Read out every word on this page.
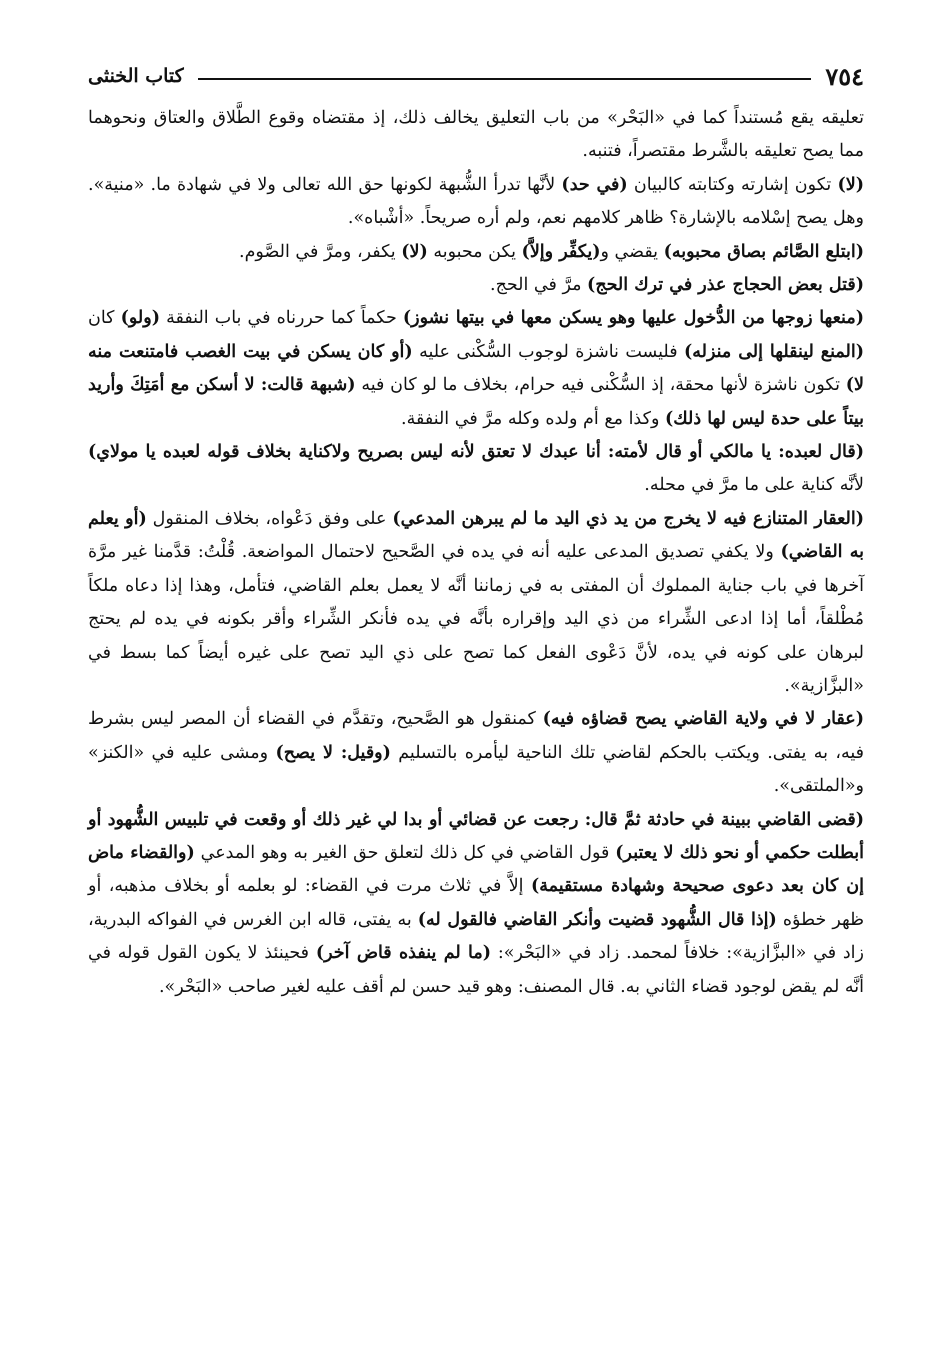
٧٥٤
كتاب الخنثى

تعليقه يقع مُستنداً كما في «البَحْر» من باب التعليق يخالف ذلك، إذ مقتضاه وقوع الطَّلاق والعتاق ونحوهما مما يصح تعليقه بالشَّرط مقتصراً، فتنبه.

(لا) تكون إشارته وكتابته كالبيان (في حد) لأنَّها تدرأ الشُّبهة لكونها حق الله تعالى ولا في شهادة ما. «منية». وهل يصح إسْلامه بالإشارة؟ ظاهر كلامهم نعم، ولم أره صريحاً. «أشْباه».

(ابتلع الصَّائم بصاق محبوبه) يقضي و(يكفِّر وإلاَّ) يكن محبوبه (لا) يكفر، ومرَّ في الصَّوم.

(قتل بعض الحجاج عذر في ترك الحج) مرَّ في الحج.

(منعها زوجها من الدُّخول عليها وهو يسكن معها في بيتها نشوز) حكماً كما حررناه في باب النفقة (ولو) كان (المنع لينقلها إلى منزله) فليست ناشزة لوجوب السُّكْنى عليه (أو كان يسكن في بيت الغصب فامتنعت منه لا) تكون ناشزة لأنها محقة، إذ السُّكْنى فيه حرام، بخلاف ما لو كان فيه (شبهة قالت: لا أسكن مع أمَتِكَ وأريد بيتاً على حدة ليس لها ذلك) وكذا مع أم ولده وكله مرَّ في النفقة.

(قال لعبده: يا مالكي أو قال لأمته: أنا عبدك لا تعتق لأنه ليس بصريح ولاكناية بخلاف قوله لعبده يا مولاي) لأنَّه كناية على ما مرَّ في محله.

(العقار المتنازع فيه لا يخرج من يد ذي اليد ما لم يبرهن المدعي) على وفق دَعْواه، بخلاف المنقول (أو يعلم به القاضي) ولا يكفي تصديق المدعى عليه أنه في يده في الصَّحيح لاحتمال المواضعة. قُلْتُ: قدَّمنا غير مرَّة آخرها في باب جناية المملوك أن المفتى به في زماننا أنَّه لا يعمل بعلم القاضي، فتأمل، وهذا إذا دعاه ملكاً مُطْلقاً، أما إذا ادعى الشِّراء من ذي اليد وإقراره بأنَّه في يده فأنكر الشِّراء وأقر بكونه في يده لم يحتج لبرهان على كونه في يده، لأنَّ دَعْوى الفعل كما تصح على ذي اليد تصح على غيره أيضاً كما بسط في «البزَّازية».

(عقار لا في ولاية القاضي يصح قضاؤه فيه) كمنقول هو الصَّحيح، وتقدَّم في القضاء أن المصر ليس بشرط فيه، به يفتى. ويكتب بالحكم لقاضي تلك الناحية ليأمره بالتسليم (وقيل: لا يصح) ومشى عليه في «الكنز» و«الملتقى».

(قضى القاضي ببينة في حادثة ثمَّ قال: رجعت عن قضائي أو بدا لي غير ذلك أو وقعت في تلبيس الشُّهود أو أبطلت حكمي أو نحو ذلك لا يعتبر) قول القاضي في كل ذلك لتعلق حق الغير به وهو المدعي (والقضاء ماض إن كان بعد دعوى صحيحة وشهادة مستقيمة) إلاَّ في ثلاث مرت في القضاء: لو بعلمه أو بخلاف مذهبه، أو ظهر خطؤه (إذا قال الشُّهود قضيت وأنكر القاضي فالقول له) به يفتى، قاله ابن الغرس في الفواكه البدرية، زاد في «البزَّازية»: خلافاً لمحمد. زاد في «البَحْر»: (ما لم ينفذه قاض آخر) فحينئذ لا يكون القول قوله في أنَّه لم يقض لوجود قضاء الثاني به. قال المصنف: وهو قيد حسن لم أقف عليه لغير صاحب «البَحْر».
